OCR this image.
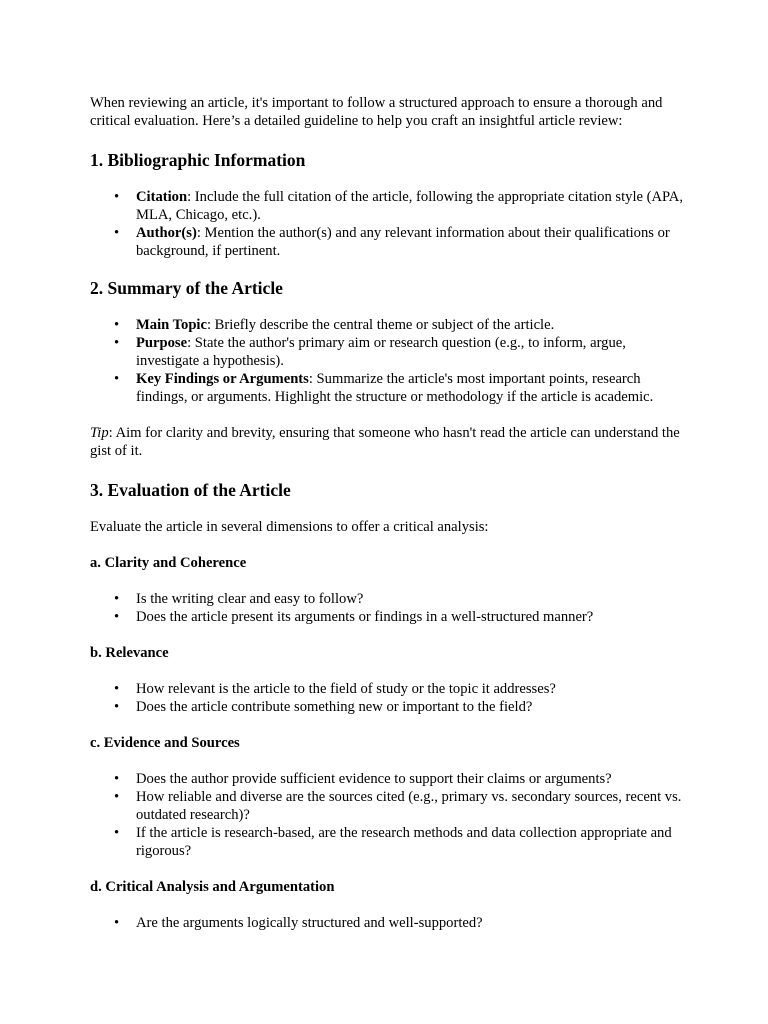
When reviewing an article, it's important to follow a structured approach to ensure a thorough and critical evaluation. Here’s a detailed guideline to help you craft an insightful article review:

1. Bibliographic Information
• Citation: Include the full citation of the article, following the appropriate citation style (APA, MLA, Chicago, etc.).
• Author(s): Mention the author(s) and any relevant information about their qualifications or background, if pertinent.
2. Summary of the Article
• Main Topic: Briefly describe the central theme or subject of the article.
• Purpose: State the author's primary aim or research question (e.g., to inform, argue, investigate a hypothesis).
• Key Findings or Arguments: Summarize the article's most important points, research findings, or arguments. Highlight the structure or methodology if the article is academic.

Tip: Aim for clarity and brevity, ensuring that someone who hasn't read the article can understand the gist of it.

3. Evaluation of the Article

Evaluate the article in several dimensions to offer a critical analysis:

a. Clarity and Coherence
• Is the writing clear and easy to follow?
• Does the article present its arguments or findings in a well-structured manner?
b. Relevance
• How relevant is the article to the field of study or the topic it addresses?
• Does the article contribute something new or important to the field?
c. Evidence and Sources
• Does the author provide sufficient evidence to support their claims or arguments?
• How reliable and diverse are the sources cited (e.g., primary vs. secondary sources, recent vs. outdated research)?
• If the article is research-based, are the research methods and data collection appropriate and rigorous?
d. Critical Analysis and Argumentation
• Are the arguments logically structured and well-supported?
